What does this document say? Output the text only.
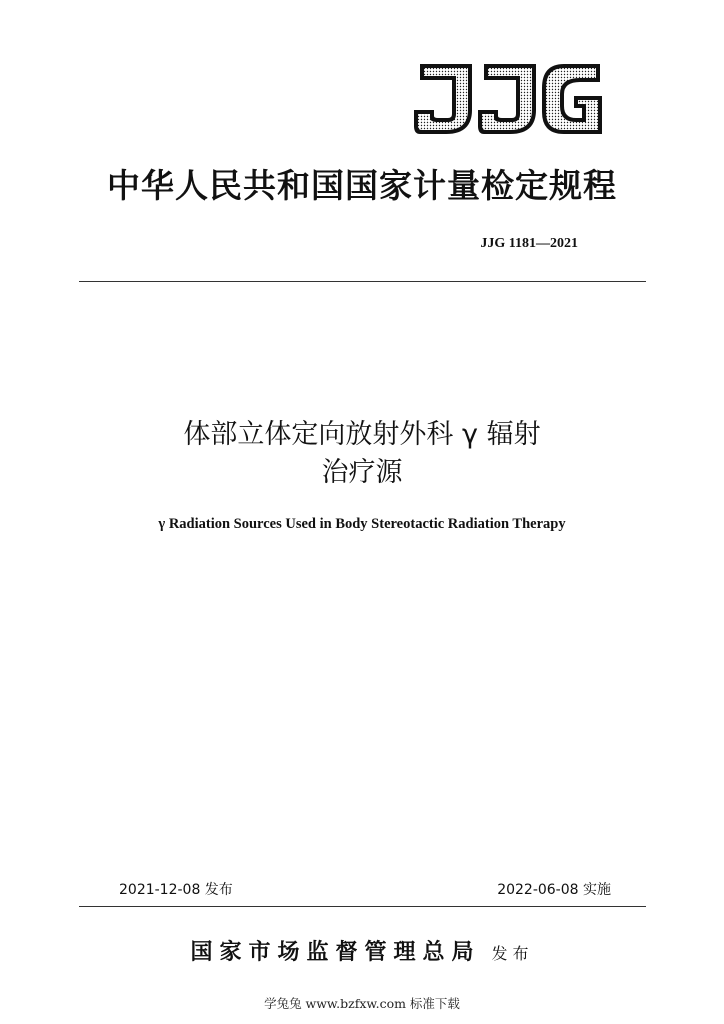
中华人民共和国国家计量检定规程
JJG 1181—2021
体部立体定向放射外科 γ 辐射
治疗源
γ Radiation Sources Used in Body Stereotactic Radiation Therapy
2021-12-08 发布	2022-06-08 实施
国家市场监督管理总局 发布
学兔兔 www.bzfxw.com 标准下载
